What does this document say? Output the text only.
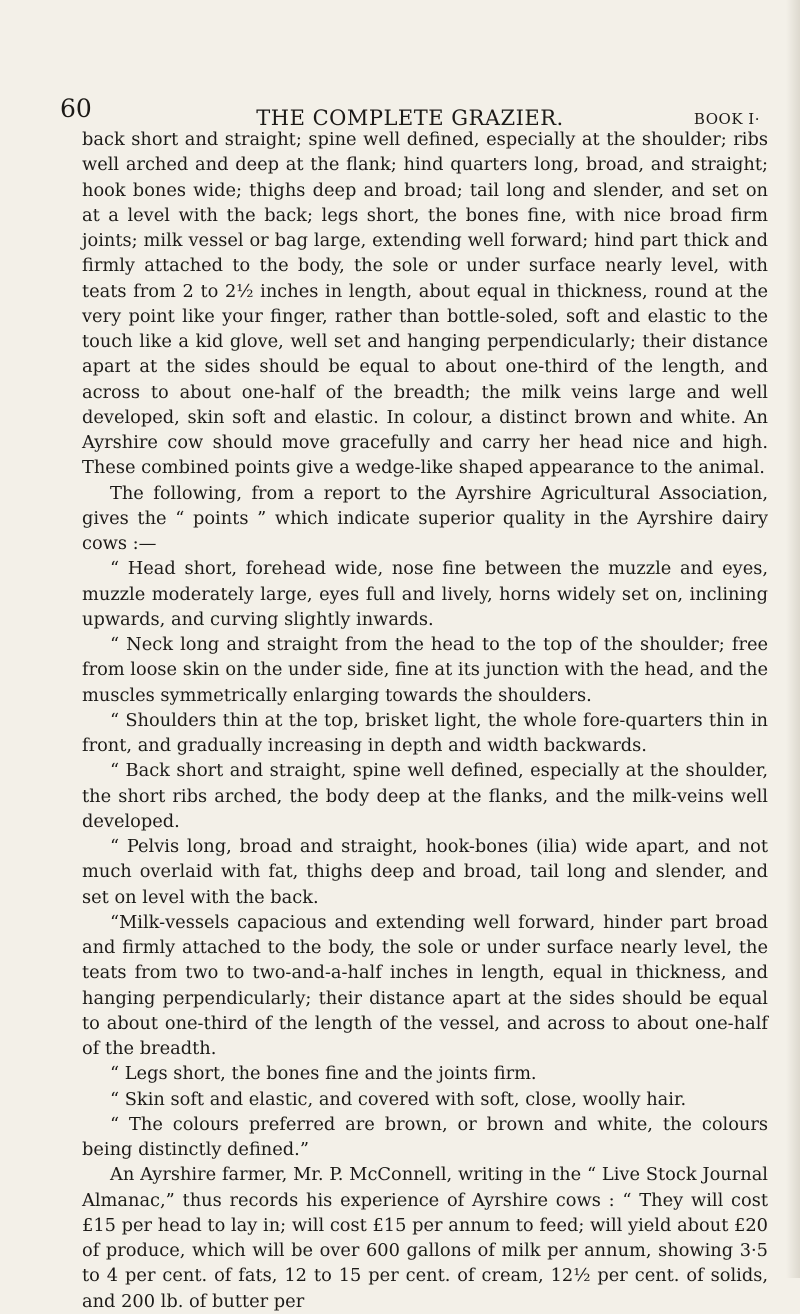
60	THE COMPLETE GRAZIER.	BOOK I·

back short and straight; spine well defined, especially at the shoulder; ribs well arched and deep at the flank; hind quarters long, broad, and straight; hook bones wide; thighs deep and broad; tail long and slender, and set on at a level with the back; legs short, the bones fine, with nice broad firm joints; milk vessel or bag large, extending well forward; hind part thick and firmly attached to the body, the sole or under surface nearly level, with teats from 2 to 2½ inches in length, about equal in thickness, round at the very point like your finger, rather than bottle-soled, soft and elastic to the touch like a kid glove, well set and hanging perpendicularly; their distance apart at the sides should be equal to about one-third of the length, and across to about one-half of the breadth; the milk veins large and well developed, skin soft and elastic. In colour, a distinct brown and white. An Ayrshire cow should move gracefully and carry her head nice and high. These combined points give a wedge-like shaped appearance to the animal.

The following, from a report to the Ayrshire Agricultural Association, gives the “ points ” which indicate superior quality in the Ayrshire dairy cows :—

“ Head short, forehead wide, nose fine between the muzzle and eyes, muzzle moderately large, eyes full and lively, horns widely set on, inclining upwards, and curving slightly inwards.

“ Neck long and straight from the head to the top of the shoulder; free from loose skin on the under side, fine at its junction with the head, and the muscles symmetrically enlarging towards the shoulders.

“ Shoulders thin at the top, brisket light, the whole fore-quarters thin in front, and gradually increasing in depth and width backwards.

“ Back short and straight, spine well defined, especially at the shoulder, the short ribs arched, the body deep at the flanks, and the milk-veins well developed.

“ Pelvis long, broad and straight, hook-bones (ilia) wide apart, and not much overlaid with fat, thighs deep and broad, tail long and slender, and set on level with the back.

“Milk-vessels capacious and extending well forward, hinder part broad and firmly attached to the body, the sole or under surface nearly level, the teats from two to two-and-a-half inches in length, equal in thickness, and hanging perpendicularly; their distance apart at the sides should be equal to about one-third of the length of the vessel, and across to about one-half of the breadth.

“ Legs short, the bones fine and the joints firm.

“ Skin soft and elastic, and covered with soft, close, woolly hair.

“ The colours preferred are brown, or brown and white, the colours being distinctly defined.”

An Ayrshire farmer, Mr. P. McConnell, writing in the “ Live Stock Journal Almanac,” thus records his experience of Ayrshire cows : “ They will cost £15 per head to lay in; will cost £15 per annum to feed; will yield about £20 of produce, which will be over 600 gallons of milk per annum, showing 3·5 to 4 per cent. of fats, 12 to 15 per cent. of cream, 12½ per cent. of solids, and 200 lb. of butter per
